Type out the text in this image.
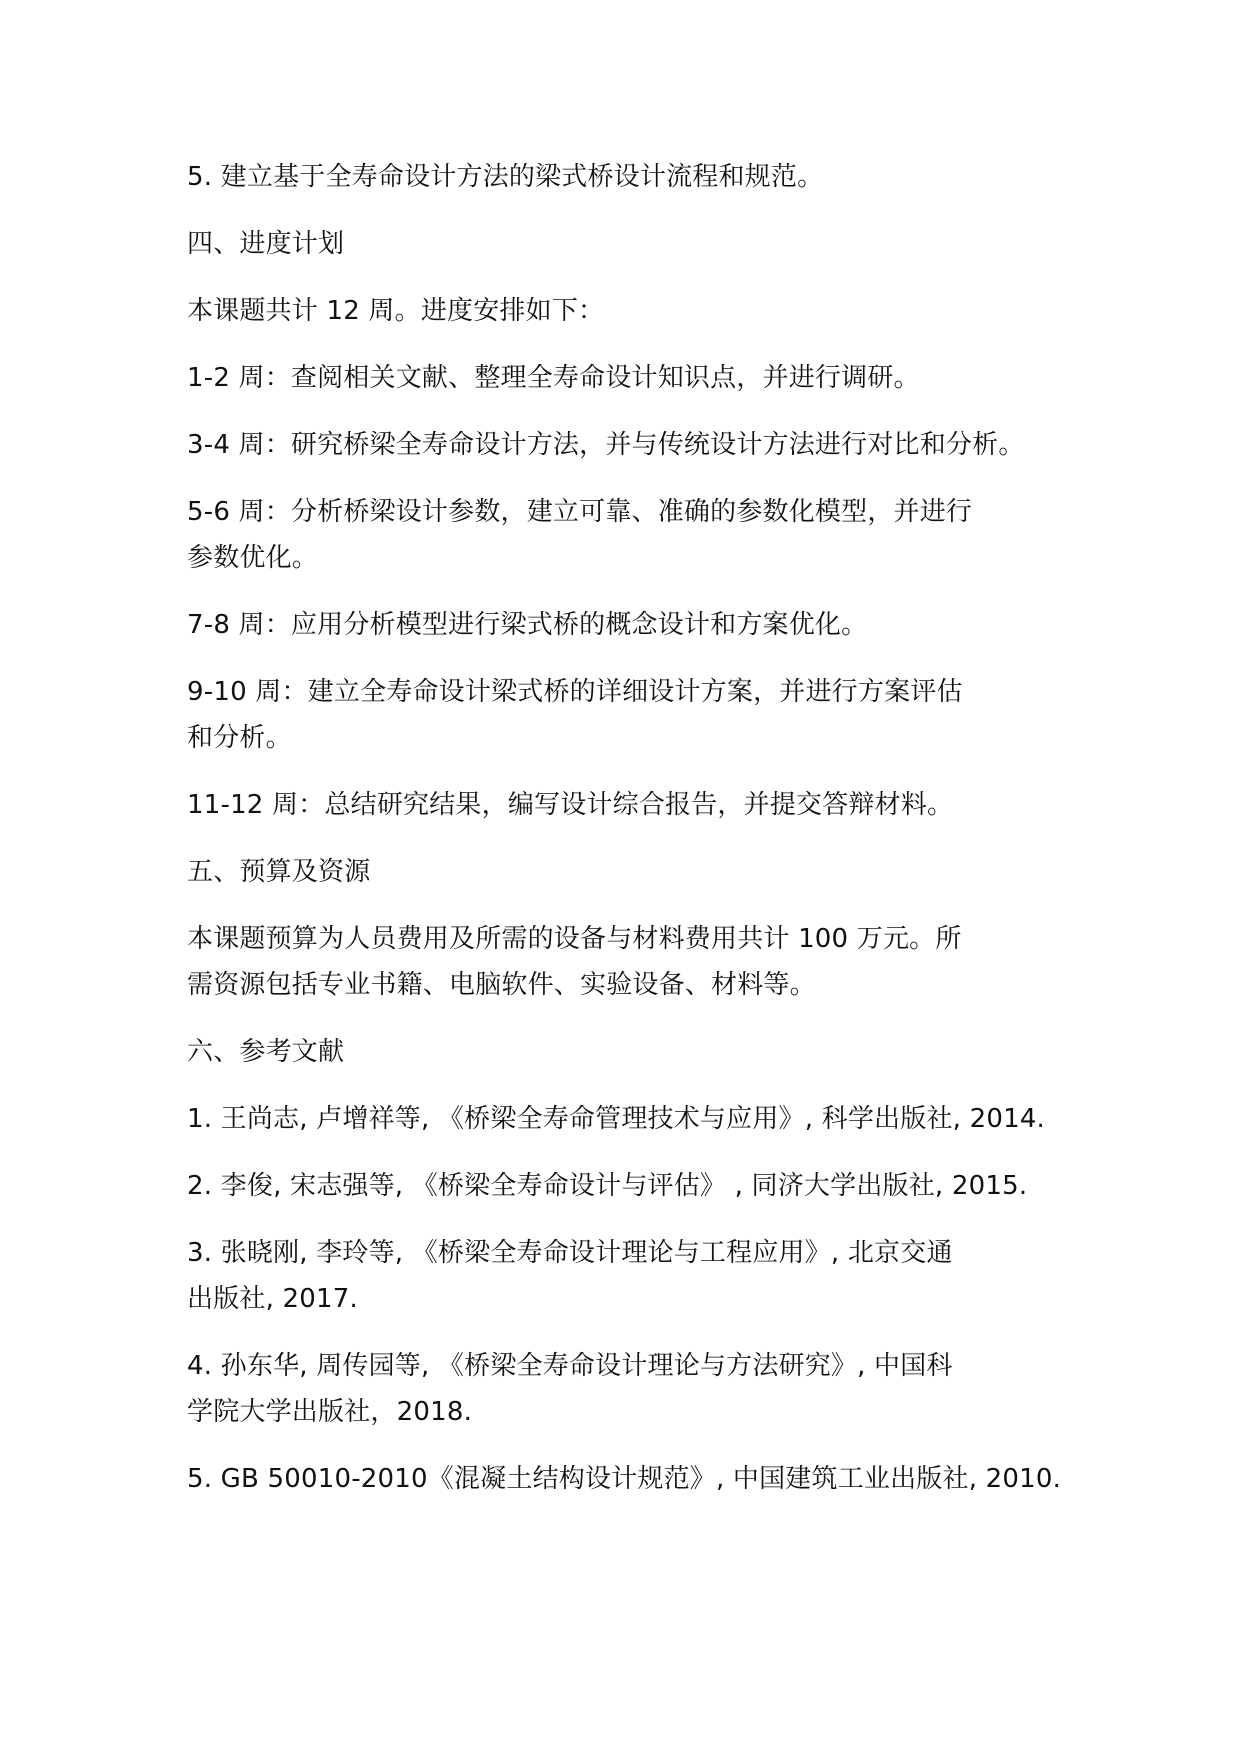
5. 建立基于全寿命设计方法的梁式桥设计流程和规范。

四、进度计划

本课题共计 12 周。进度安排如下：

1-2 周：查阅相关文献、整理全寿命设计知识点，并进行调研。

3-4 周：研究桥梁全寿命设计方法，并与传统设计方法进行对比和分析。

5-6 周：分析桥梁设计参数，建立可靠、准确的参数化模型，并进行参数优化。

7-8 周：应用分析模型进行梁式桥的概念设计和方案优化。

9-10 周：建立全寿命设计梁式桥的详细设计方案，并进行方案评估和分析。

11-12 周：总结研究结果，编写设计综合报告，并提交答辩材料。

五、预算及资源

本课题预算为人员费用及所需的设备与材料费用共计 100 万元。所需资源包括专业书籍、电脑软件、实验设备、材料等。

六、参考文献

1. 王尚志, 卢增祥等, 《桥梁全寿命管理技术与应用》, 科学出版社, 2014.

2. 李俊, 宋志强等, 《桥梁全寿命设计与评估》 , 同济大学出版社, 2015.

3. 张晓刚, 李玲等, 《桥梁全寿命设计理论与工程应用》, 北京交通出版社, 2017.

4. 孙东华, 周传园等, 《桥梁全寿命设计理论与方法研究》, 中国科学院大学出版社，2018.

5. GB 50010-2010《混凝土结构设计规范》, 中国建筑工业出版社, 2010.
